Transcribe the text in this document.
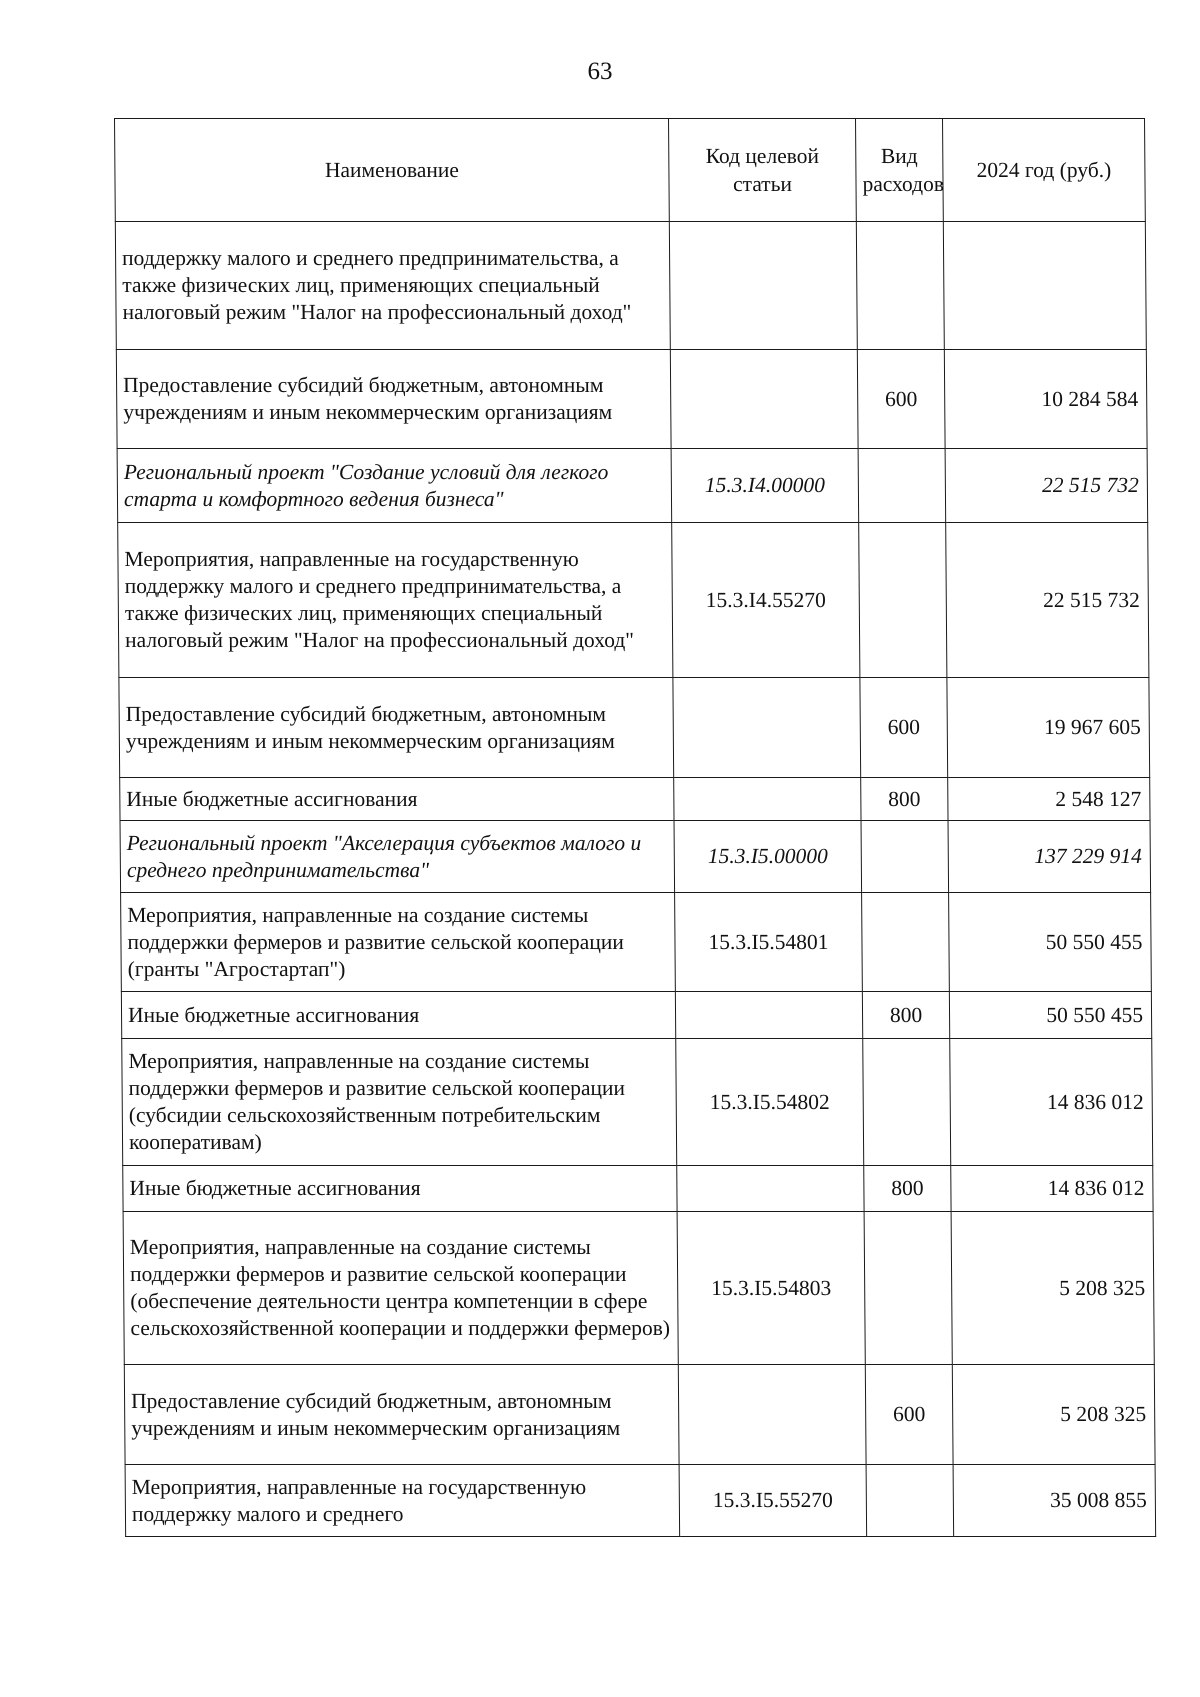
63
Наименование	Код целевой статьи	Вид расходов	2024 год (руб.)
поддержку малого и среднего предпринимательства, а также физических лиц, применяющих специальный налоговый режим "Налог на профессиональный доход"			
Предоставление субсидий бюджетным, автономным учреждениям и иным некоммерческим организациям		600	10 284 584
Региональный проект "Создание условий для легкого старта и комфортного ведения бизнеса"	15.3.I4.00000		22 515 732
Мероприятия, направленные на государственную поддержку малого и среднего предпринимательства, а также физических лиц, применяющих специальный налоговый режим "Налог на профессиональный доход"	15.3.I4.55270		22 515 732
Предоставление субсидий бюджетным, автономным учреждениям и иным некоммерческим организациям		600	19 967 605
Иные бюджетные ассигнования		800	2 548 127
Региональный проект "Акселерация субъектов малого и среднего предпринимательства"	15.3.I5.00000		137 229 914
Мероприятия, направленные на создание системы поддержки фермеров и развитие сельской кооперации (гранты "Агростартап")	15.3.I5.54801		50 550 455
Иные бюджетные ассигнования		800	50 550 455
Мероприятия, направленные на создание системы поддержки фермеров и развитие сельской кооперации (субсидии сельскохозяйственным потребительским кооперативам)	15.3.I5.54802		14 836 012
Иные бюджетные ассигнования		800	14 836 012
Мероприятия, направленные на создание системы поддержки фермеров и развитие сельской кооперации (обеспечение деятельности центра компетенции в сфере сельскохозяйственной кооперации и поддержки фермеров)	15.3.I5.54803		5 208 325
Предоставление субсидий бюджетным, автономным учреждениям и иным некоммерческим организациям		600	5 208 325
Мероприятия, направленные на государственную поддержку малого и среднего	15.3.I5.55270		35 008 855
